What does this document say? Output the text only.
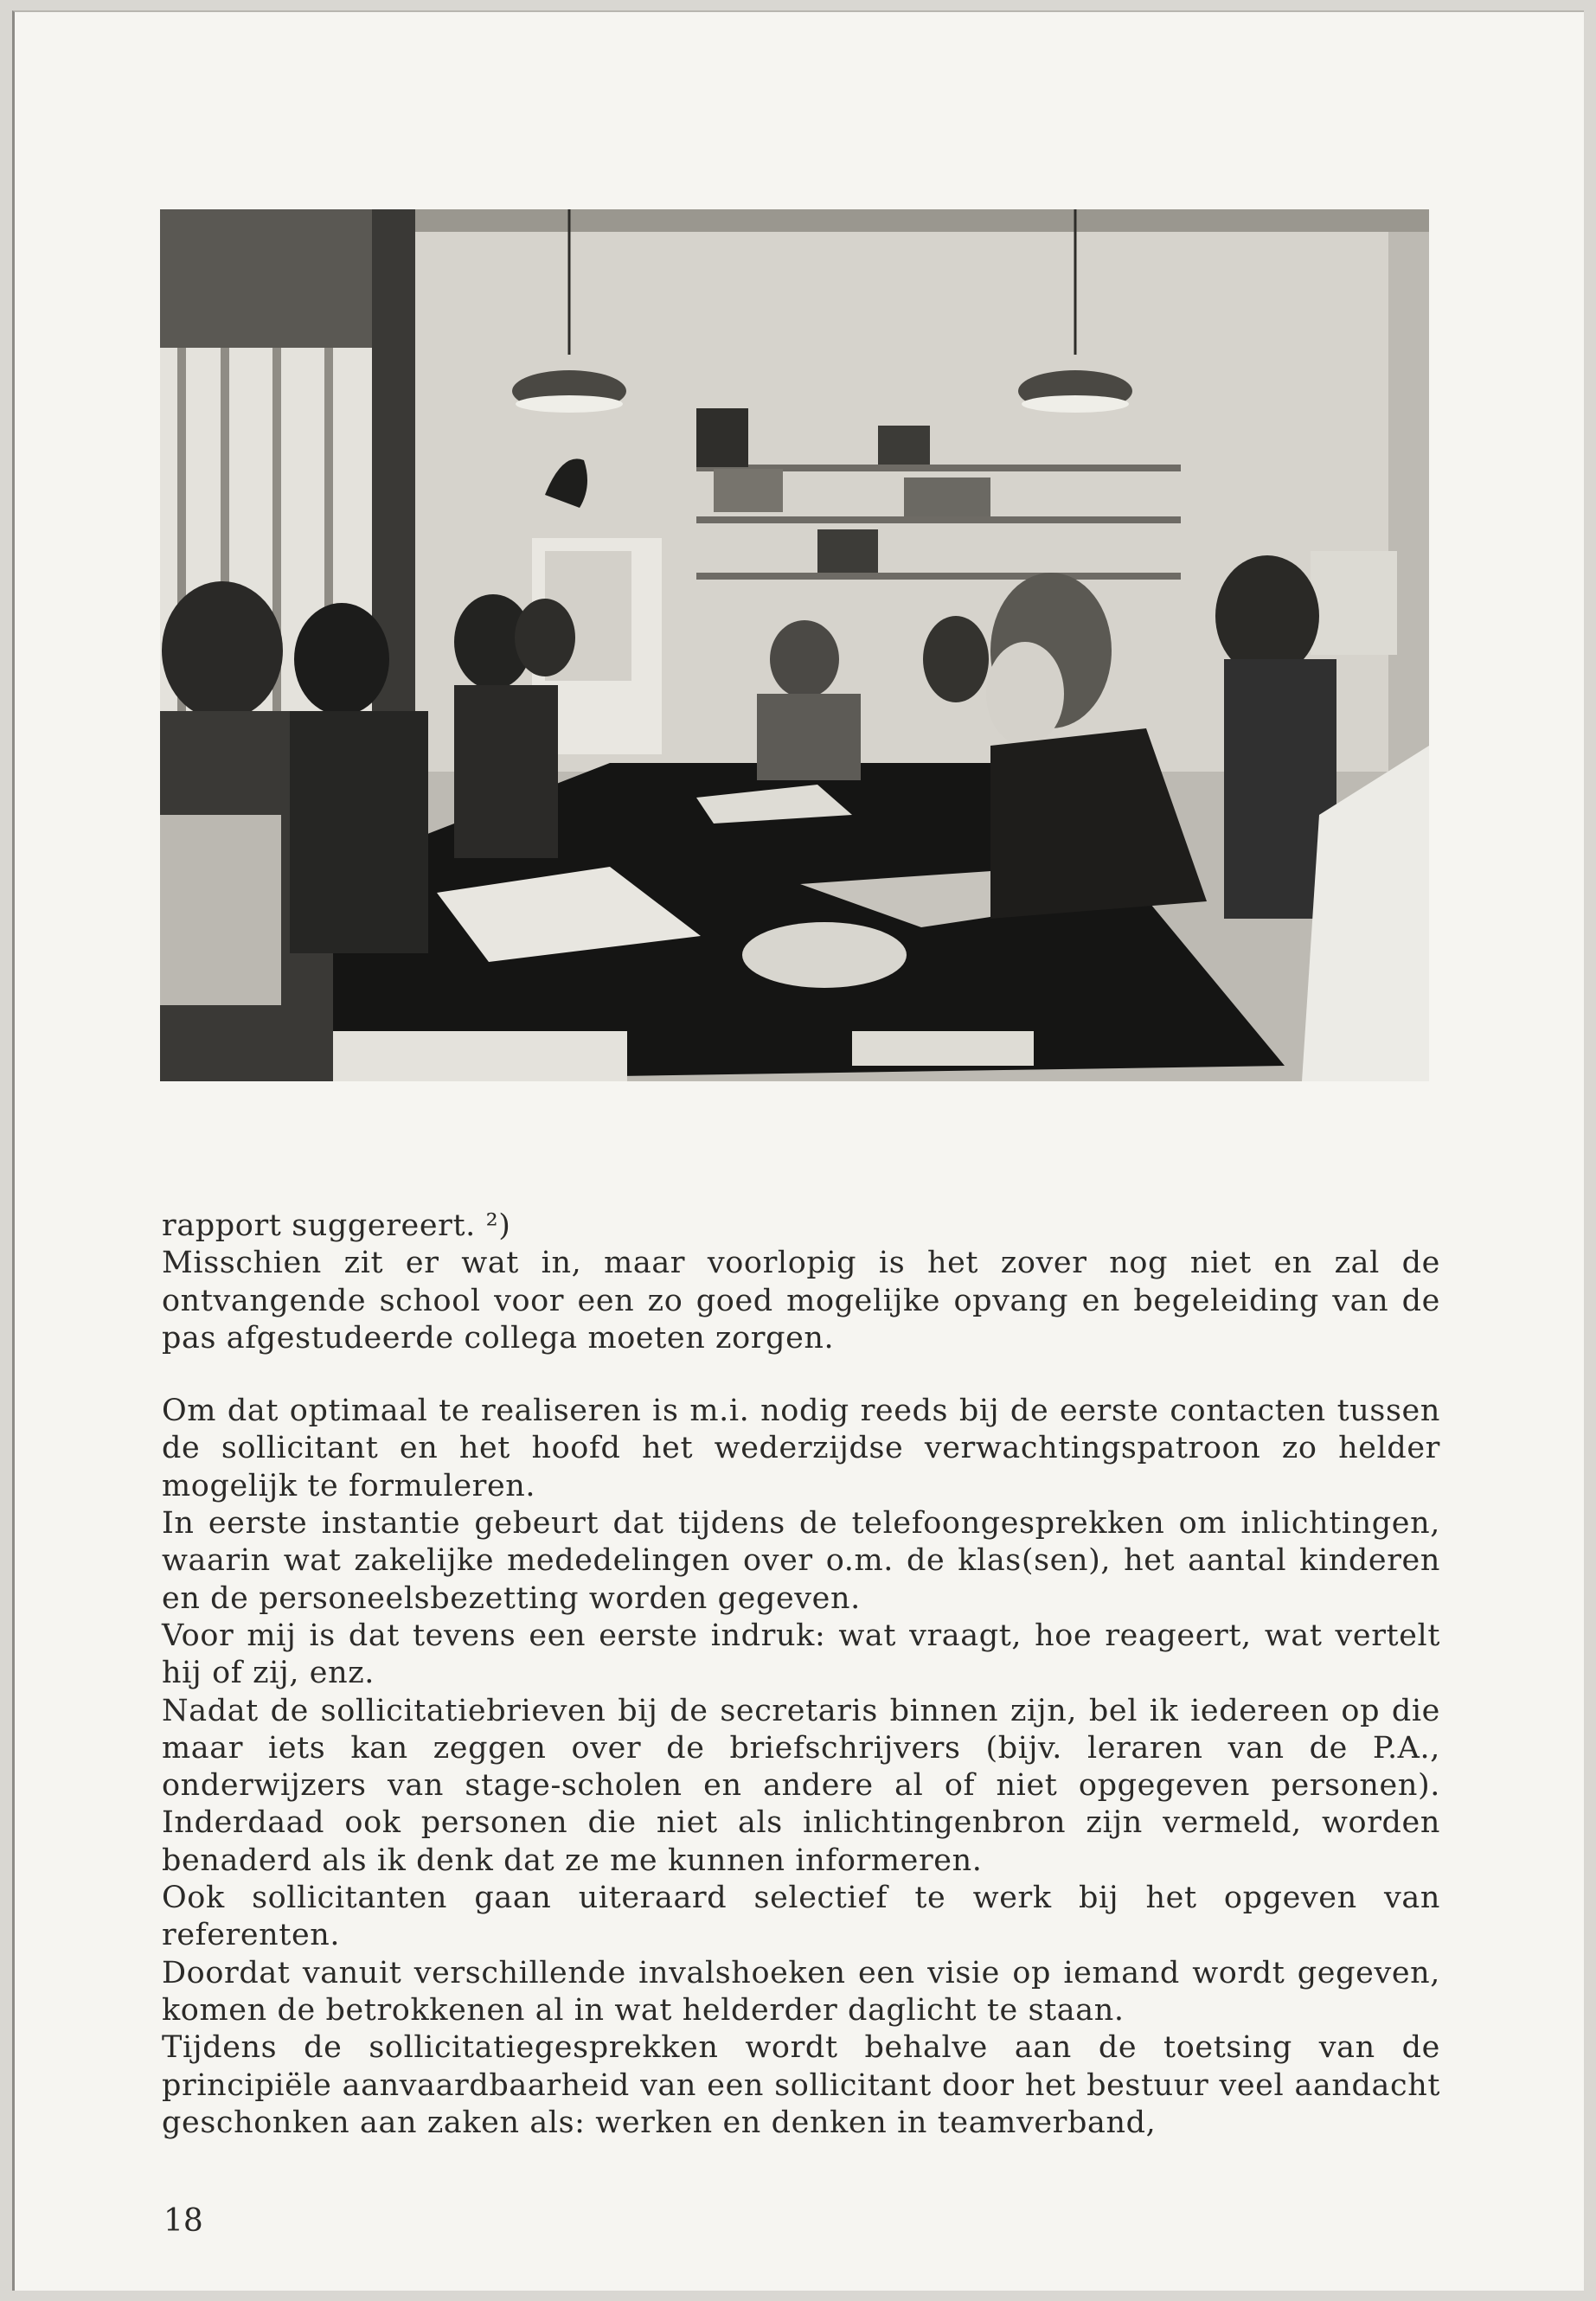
rapport suggereert. ²)

Misschien zit er wat in, maar voorlopig is het zover nog niet en zal de ontvangende school voor een zo goed mogelijke opvang en begeleiding van de pas afgestudeerde collega moeten zorgen.

Om dat optimaal te realiseren is m.i. nodig reeds bij de eerste contacten tussen de sollicitant en het hoofd het wederzijdse verwachtingspatroon zo helder mogelijk te formuleren.

In eerste instantie gebeurt dat tijdens de telefoongesprekken om inlichtingen, waarin wat zakelijke mededelingen over o.m. de klas(sen), het aantal kinderen en de personeelsbezetting worden gegeven.

Voor mij is dat tevens een eerste indruk: wat vraagt, hoe reageert, wat vertelt hij of zij, enz.

Nadat de sollicitatiebrieven bij de secretaris binnen zijn, bel ik iedereen op die maar iets kan zeggen over de briefschrijvers (bijv. leraren van de P.A., onderwijzers van stage-scholen en andere al of niet opgegeven personen). Inderdaad ook personen die niet als inlichtingenbron zijn vermeld, worden benaderd als ik denk dat ze me kunnen informeren.

Ook sollicitanten gaan uiteraard selectief te werk bij het opgeven van referenten.

Doordat vanuit verschillende invalshoeken een visie op iemand wordt gegeven, komen de betrokkenen al in wat helderder daglicht te staan.

Tijdens de sollicitatiegesprekken wordt behalve aan de toetsing van de principiële aanvaardbaarheid van een sollicitant door het bestuur veel aandacht geschonken aan zaken als: werken en denken in teamverband,

18
